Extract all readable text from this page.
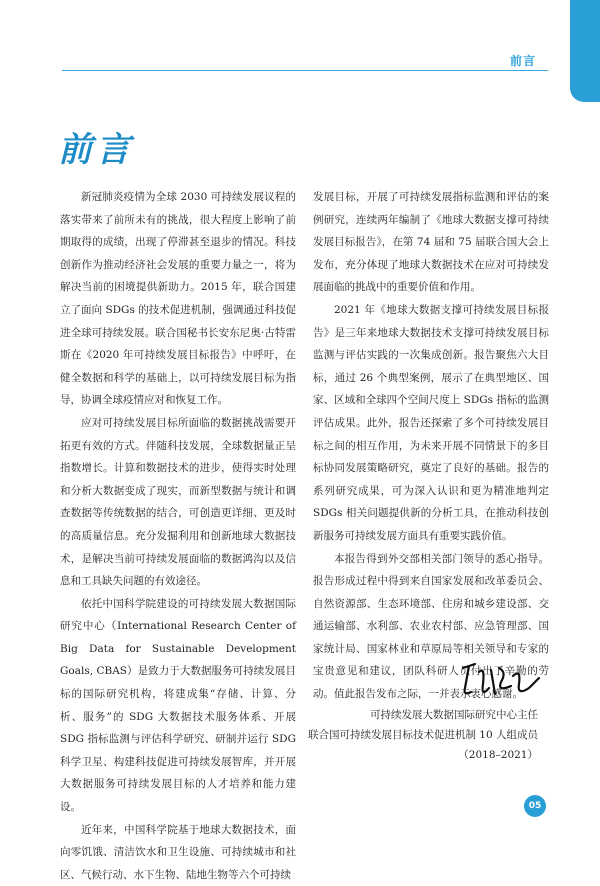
前言
前言

新冠肺炎疫情为全球 2030 可持续发展议程的落实带来了前所未有的挑战，很大程度上影响了前期取得的成绩，出现了停滞甚至退步的情况。科技创新作为推动经济社会发展的重要力量之一，将为解决当前的困境提供新助力。2015 年，联合国建立了面向 SDGs 的技术促进机制，强调通过科技促进全球可持续发展。联合国秘书长安东尼奥·古特雷斯在《2020 年可持续发展目标报告》中呼吁，在健全数据和科学的基础上，以可持续发展目标为指导，协调全球疫情应对和恢复工作。

应对可持续发展目标所面临的数据挑战需要开拓更有效的方式。伴随科技发展，全球数据量正呈指数增长。计算和数据技术的进步，使得实时处理和分析大数据变成了现实，而新型数据与统计和调查数据等传统数据的结合，可创造更详细、更及时的高质量信息。充分发掘利用和创新地球大数据技术，是解决当前可持续发展面临的数据鸿沟以及信息和工具缺失问题的有效途径。

依托中国科学院建设的可持续发展大数据国际研究中心（International Research Center of Big Data for Sustainable Development Goals, CBAS）是致力于大数据服务可持续发展目标的国际研究机构，将建成集“存储、计算、分析、服务”的 SDG 大数据技术服务体系、开展 SDG 指标监测与评估科学研究、研制并运行 SDG 科学卫星、构建科技促进可持续发展智库，并开展大数据服务可持续发展目标的人才培养和能力建设。

近年来，中国科学院基于地球大数据技术，面向零饥饿、清洁饮水和卫生设施、可持续城市和社区、气候行动、水下生物、陆地生物等六个可持续

发展目标，开展了可持续发展指标监测和评估的案例研究，连续两年编制了《地球大数据支撑可持续发展目标报告》，在第 74 届和 75 届联合国大会上发布，充分体现了地球大数据技术在应对可持续发展面临的挑战中的重要价值和作用。

2021 年《地球大数据支撑可持续发展目标报告》是三年来地球大数据技术支撑可持续发展目标监测与评估实践的一次集成创新。报告聚焦六大目标，通过 26 个典型案例，展示了在典型地区、国家、区域和全球四个空间尺度上 SDGs 指标的监测评估成果。此外，报告还探索了多个可持续发展目标之间的相互作用，为未来开展不同情景下的多目标协同发展策略研究，奠定了良好的基础。报告的系列研究成果，可为深入认识和更为精准地判定 SDGs 相关问题提供新的分析工具，在推动科技创新服务可持续发展方面具有重要实践价值。

本报告得到外交部相关部门领导的悉心指导。报告形成过程中得到来自国家发展和改革委员会、自然资源部、生态环境部、住房和城乡建设部、交通运输部、水利部、农业农村部、应急管理部、国家统计局、国家林业和草原局等相关领导和专家的宝贵意见和建议，团队科研人员付出了辛勤的劳动。值此报告发布之际，一并表示衷心感谢。

可持续发展大数据国际研究中心主任
联合国可持续发展目标技术促进机制 10 人组成员
（2018–2021）
05
